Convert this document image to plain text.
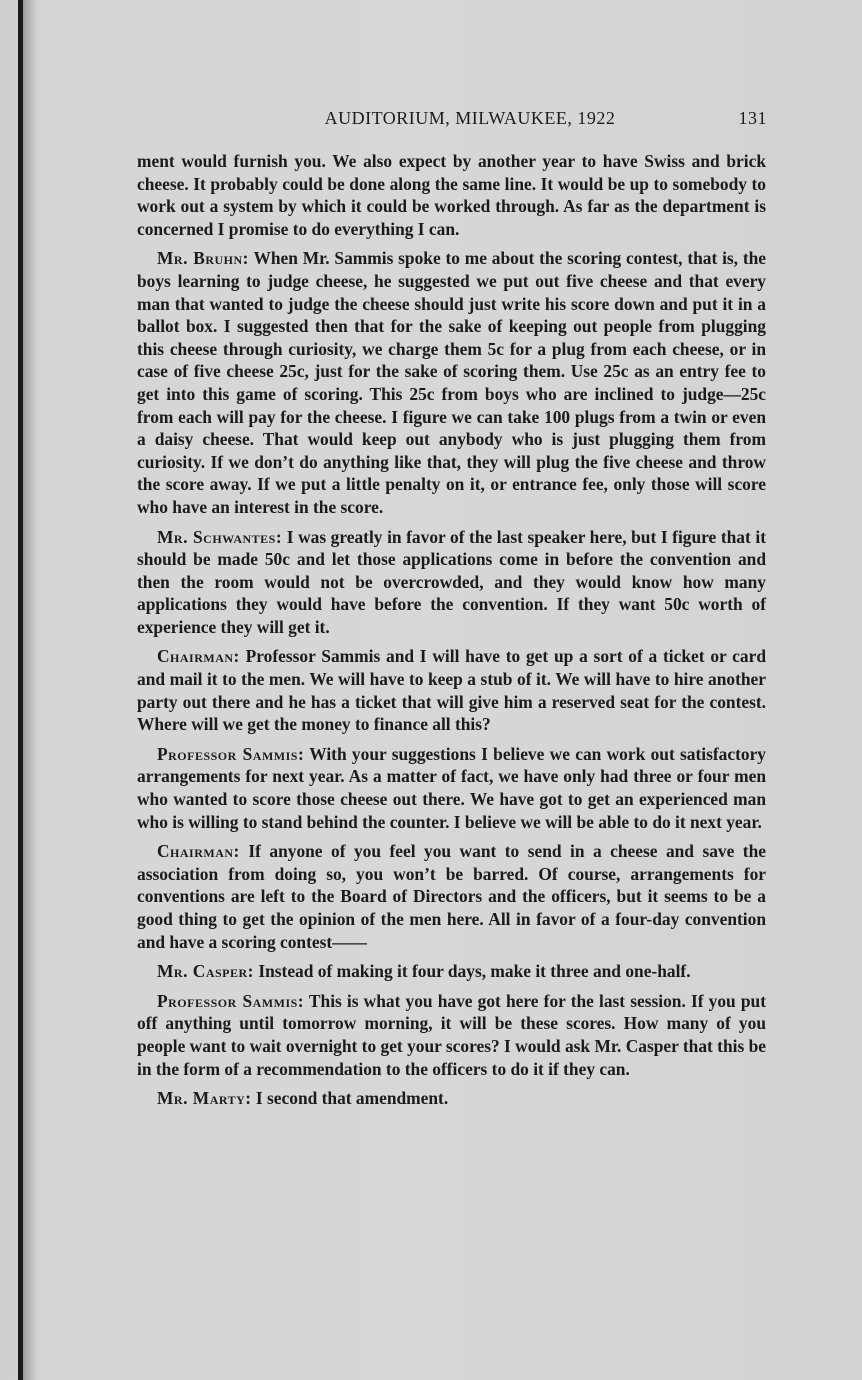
AUDITORIUM, MILWAUKEE, 1922	131

ment would furnish you. We also expect by another year to have Swiss and brick cheese. It probably could be done along the same line. It would be up to somebody to work out a system by which it could be worked through. As far as the department is concerned I promise to do everything I can.

Mr. Bruhn: When Mr. Sammis spoke to me about the scoring contest, that is, the boys learning to judge cheese, he suggested we put out five cheese and that every man that wanted to judge the cheese should just write his score down and put it in a ballot box. I suggested then that for the sake of keeping out people from plugging this cheese through curiosity, we charge them 5c for a plug from each cheese, or in case of five cheese 25c, just for the sake of scoring them. Use 25c as an entry fee to get into this game of scoring. This 25c from boys who are inclined to judge—25c from each will pay for the cheese. I figure we can take 100 plugs from a twin or even a daisy cheese. That would keep out anybody who is just plugging them from curiosity. If we don’t do anything like that, they will plug the five cheese and throw the score away. If we put a little penalty on it, or entrance fee, only those will score who have an interest in the score.

Mr. Schwantes: I was greatly in favor of the last speaker here, but I figure that it should be made 50c and let those applications come in before the convention and then the room would not be overcrowded, and they would know how many applications they would have before the convention. If they want 50c worth of experience they will get it.

Chairman: Professor Sammis and I will have to get up a sort of a ticket or card and mail it to the men. We will have to keep a stub of it. We will have to hire another party out there and he has a ticket that will give him a reserved seat for the contest. Where will we get the money to finance all this?

Professor Sammis: With your suggestions I believe we can work out satisfactory arrangements for next year. As a matter of fact, we have only had three or four men who wanted to score those cheese out there. We have got to get an experienced man who is willing to stand behind the counter. I believe we will be able to do it next year.

Chairman: If anyone of you feel you want to send in a cheese and save the association from doing so, you won’t be barred. Of course, arrangements for conventions are left to the Board of Directors and the officers, but it seems to be a good thing to get the opinion of the men here. All in favor of a four-day convention and have a scoring contest——

Mr. Casper: Instead of making it four days, make it three and one-half.

Professor Sammis: This is what you have got here for the last session. If you put off anything until tomorrow morning, it will be these scores. How many of you people want to wait overnight to get your scores? I would ask Mr. Casper that this be in the form of a recommendation to the officers to do it if they can.

Mr. Marty: I second that amendment.
